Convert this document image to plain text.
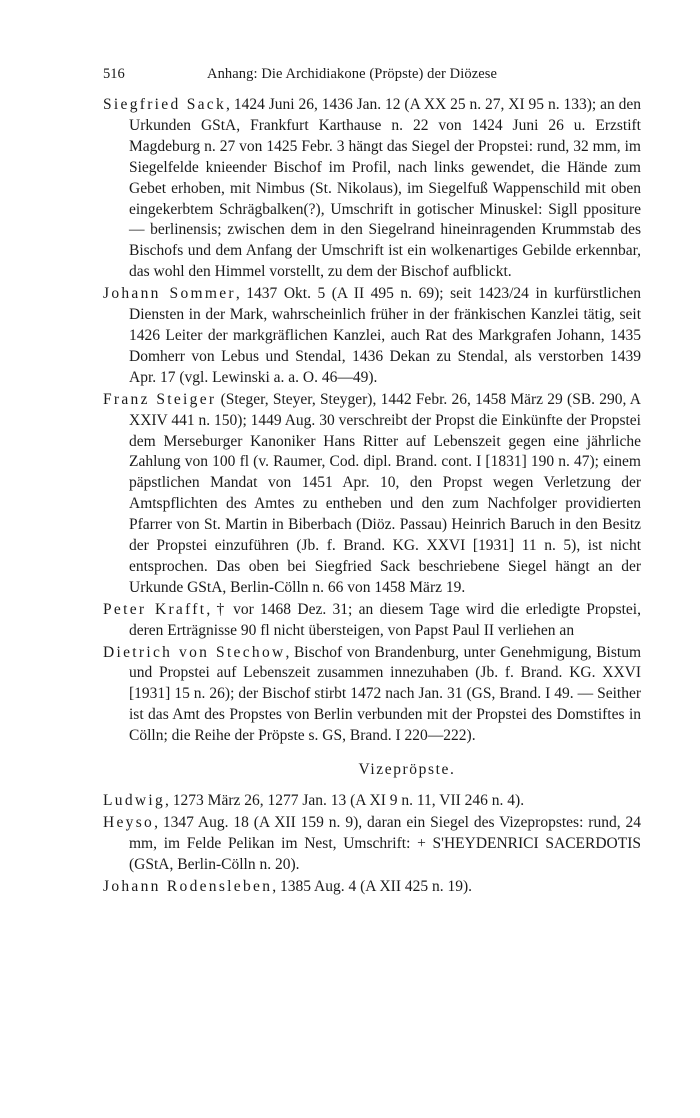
516	Anhang: Die Archidiakone (Pröpste) der Diözese

Siegfried Sack, 1424 Juni 26, 1436 Jan. 12 (A XX 25 n. 27, XI 95 n. 133); an den Urkunden GStA, Frankfurt Karthause n. 22 von 1424 Juni 26 u. Erzstift Magdeburg n. 27 von 1425 Febr. 3 hängt das Siegel der Propstei: rund, 32 mm, im Siegelfelde knieender Bischof im Profil, nach links gewendet, die Hände zum Gebet erhoben, mit Nimbus (St. Nikolaus), im Siegelfuß Wappenschild mit oben eingekerbtem Schrägbalken(?), Umschrift in gotischer Minuskel: Sigll ppositure — berlinensis; zwischen dem in den Siegelrand hineinragenden Krummstab des Bischofs und dem Anfang der Umschrift ist ein wolkenartiges Gebilde erkennbar, das wohl den Himmel vorstellt, zu dem der Bischof aufblickt.

Johann Sommer, 1437 Okt. 5 (A II 495 n. 69); seit 1423/24 in kurfürstlichen Diensten in der Mark, wahrscheinlich früher in der fränkischen Kanzlei tätig, seit 1426 Leiter der markgräflichen Kanzlei, auch Rat des Markgrafen Johann, 1435 Domherr von Lebus und Stendal, 1436 Dekan zu Stendal, als verstorben 1439 Apr. 17 (vgl. Lewinski a. a. O. 46—49).

Franz Steiger (Steger, Steyer, Steyger), 1442 Febr. 26, 1458 März 29 (SB. 290, A XXIV 441 n. 150); 1449 Aug. 30 verschreibt der Propst die Einkünfte der Propstei dem Merseburger Kanoniker Hans Ritter auf Lebenszeit gegen eine jährliche Zahlung von 100 fl (v. Raumer, Cod. dipl. Brand. cont. I [1831] 190 n. 47); einem päpstlichen Mandat von 1451 Apr. 10, den Propst wegen Verletzung der Amtspflichten des Amtes zu entheben und den zum Nachfolger providierten Pfarrer von St. Martin in Biberbach (Diöz. Passau) Heinrich Baruch in den Besitz der Propstei einzuführen (Jb. f. Brand. KG. XXVI [1931] 11 n. 5), ist nicht entsprochen. Das oben bei Siegfried Sack beschriebene Siegel hängt an der Urkunde GStA, Berlin-Cölln n. 66 von 1458 März 19.

Peter Krafft, † vor 1468 Dez. 31; an diesem Tage wird die erledigte Propstei, deren Erträgnisse 90 fl nicht übersteigen, von Papst Paul II verliehen an

Dietrich von Stechow, Bischof von Brandenburg, unter Genehmigung, Bistum und Propstei auf Lebenszeit zusammen innezuhaben (Jb. f. Brand. KG. XXVI [1931] 15 n. 26); der Bischof stirbt 1472 nach Jan. 31 (GS, Brand. I 49. — Seither ist das Amt des Propstes von Berlin verbunden mit der Propstei des Domstiftes in Cölln; die Reihe der Pröpste s. GS, Brand. I 220—222).

Vizepröpste.

Ludwig, 1273 März 26, 1277 Jan. 13 (A XI 9 n. 11, VII 246 n. 4).

Heyso, 1347 Aug. 18 (A XII 159 n. 9), daran ein Siegel des Vizepropstes: rund, 24 mm, im Felde Pelikan im Nest, Umschrift: + S'HEYDENRICI SACERDOTIS (GStA, Berlin-Cölln n. 20).

Johann Rodensleben, 1385 Aug. 4 (A XII 425 n. 19).
